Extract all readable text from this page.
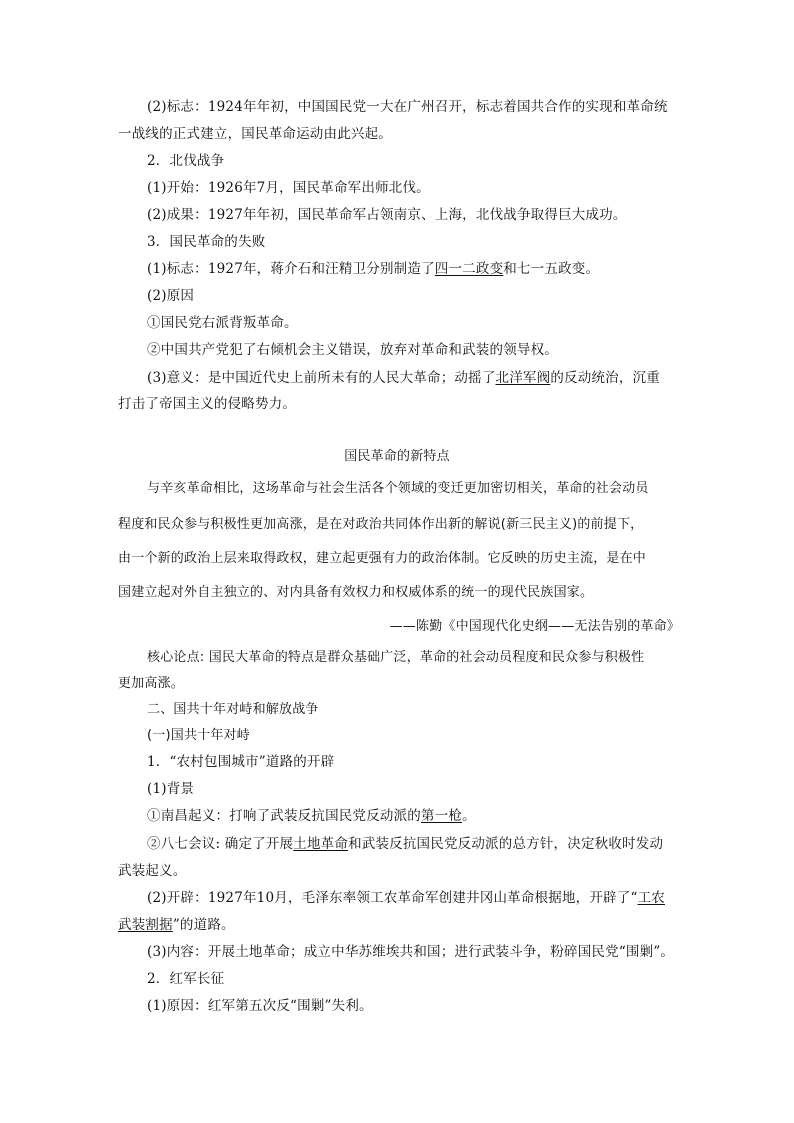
(2)标志：1924年年初，中国国民党一大在广州召开，标志着国共合作的实现和革命统
一战线的正式建立，国民革命运动由此兴起。
2．北伐战争
(1)开始：1926年7月，国民革命军出师北伐。
(2)成果：1927年年初，国民革命军占领南京、上海，北伐战争取得巨大成功。
3．国民革命的失败
(1)标志：1927年，蒋介石和汪精卫分别制造了四一二政变和七一五政变。
(2)原因
①国民党右派背叛革命。
②中国共产党犯了右倾机会主义错误，放弃对革命和武装的领导权。
(3)意义：是中国近代史上前所未有的人民大革命；动摇了北洋军阀的反动统治，沉重
打击了帝国主义的侵略势力。
国民革命的新特点
与辛亥革命相比，这场革命与社会生活各个领域的变迁更加密切相关，革命的社会动员
程度和民众参与积极性更加高涨，是在对政治共同体作出新的解说(新三民主义)的前提下，
由一个新的政治上层来取得政权，建立起更强有力的政治体制。它反映的历史主流，是在中
国建立起对外自主独立的、对内具备有效权力和权威体系的统一的现代民族国家。
——陈勤《中国现代化史纲——无法告别的革命》
核心论点: 国民大革命的特点是群众基础广泛，革命的社会动员程度和民众参与积极性
更加高涨。
二、国共十年对峙和解放战争
(一)国共十年对峙
1．“农村包围城市”道路的开辟
(1)背景
①南昌起义：打响了武装反抗国民党反动派的第一枪。
②八七会议: 确定了开展土地革命和武装反抗国民党反动派的总方针，决定秋收时发动
武装起义。
(2)开辟：1927年10月，毛泽东率领工农革命军创建井冈山革命根据地，开辟了“工农
武装割据”的道路。
(3)内容：开展土地革命；成立中华苏维埃共和国；进行武装斗争，粉碎国民党“围剿”。
2．红军长征
(1)原因：红军第五次反“围剿”失利。
